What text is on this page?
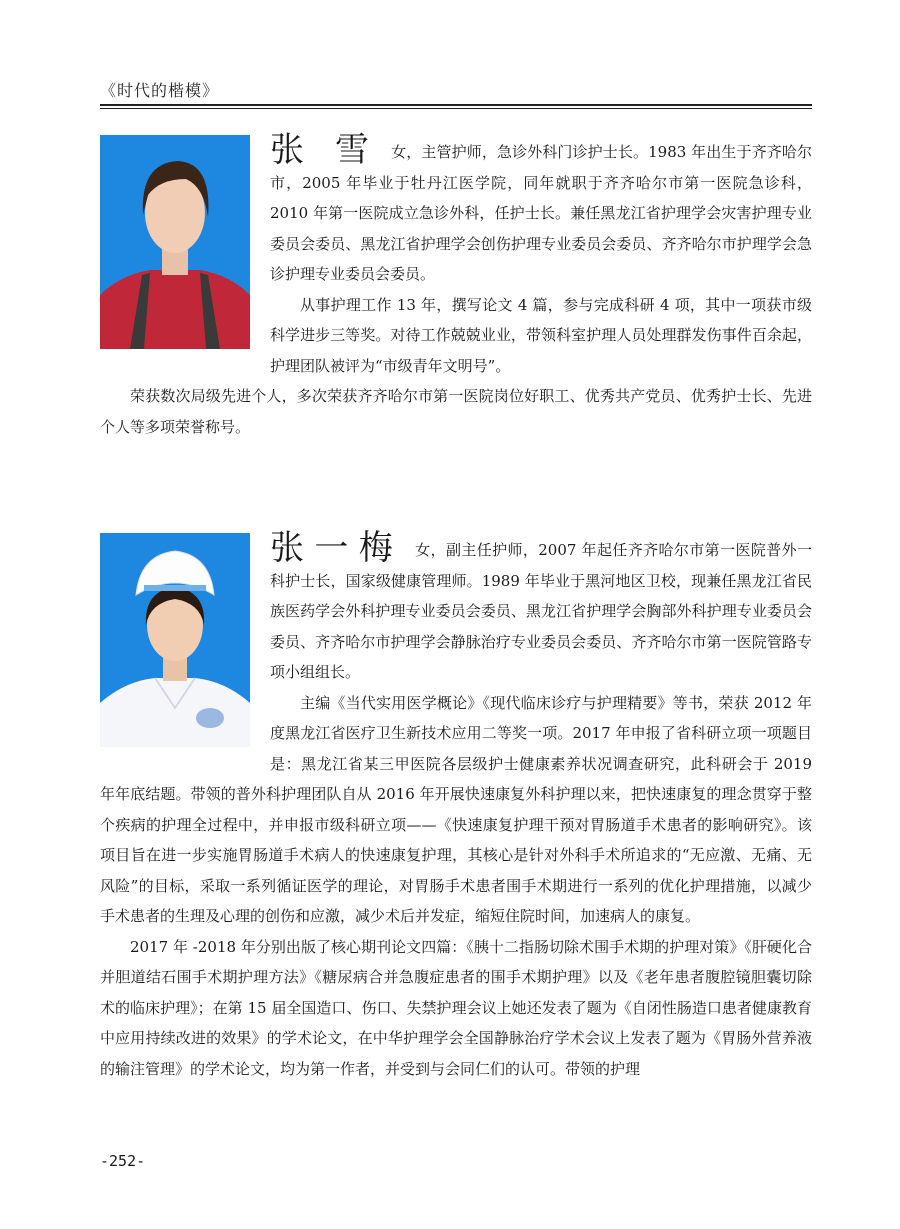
《时代的楷模》

张 雪 女，主管护师，急诊外科门诊护士长。1983 年出生于齐齐哈尔市，2005 年毕业于牡丹江医学院，同年就职于齐齐哈尔市第一医院急诊科，2010 年第一医院成立急诊外科，任护士长。兼任黑龙江省护理学会灾害护理专业委员会委员、黑龙江省护理学会创伤护理专业委员会委员、齐齐哈尔市护理学会急诊护理专业委员会委员。

从事护理工作 13 年，撰写论文 4 篇，参与完成科研 4 项，其中一项获市级科学进步三等奖。对待工作兢兢业业，带领科室护理人员处理群发伤事件百余起，护理团队被评为“市级青年文明号”。

荣获数次局级先进个人，多次荣获齐齐哈尔市第一医院岗位好职工、优秀共产党员、优秀护士长、先进个人等多项荣誉称号。

张一梅 女，副主任护师，2007 年起任齐齐哈尔市第一医院普外一科护士长，国家级健康管理师。1989 年毕业于黑河地区卫校，现兼任黑龙江省民族医药学会外科护理专业委员会委员、黑龙江省护理学会胸部外科护理专业委员会委员、齐齐哈尔市护理学会静脉治疗专业委员会委员、齐齐哈尔市第一医院管路专项小组组长。

主编《当代实用医学概论》《现代临床诊疗与护理精要》等书，荣获 2012 年度黑龙江省医疗卫生新技术应用二等奖一项。2017 年申报了省科研立项一项题目是：黑龙江省某三甲医院各层级护士健康素养状况调查研究，此科研会于 2019 年年底结题。带领的普外科护理团队自从 2016 年开展快速康复外科护理以来，把快速康复的理念贯穿于整个疾病的护理全过程中，并申报市级科研立项——《快速康复护理干预对胃肠道手术患者的影响研究》。该项目旨在进一步实施胃肠道手术病人的快速康复护理，其核心是针对外科手术所追求的“无应激、无痛、无风险”的目标，采取一系列循证医学的理论，对胃肠手术患者围手术期进行一系列的优化护理措施，以减少手术患者的生理及心理的创伤和应激，减少术后并发症，缩短住院时间，加速病人的康复。

2017 年 -2018 年分别出版了核心期刊论文四篇：《胰十二指肠切除术围手术期的护理对策》《肝硬化合并胆道结石围手术期护理方法》《糖尿病合并急腹症患者的围手术期护理》以及《老年患者腹腔镜胆囊切除术的临床护理》；在第 15 届全国造口、伤口、失禁护理会议上她还发表了题为《自闭性肠造口患者健康教育中应用持续改进的效果》的学术论文，在中华护理学会全国静脉治疗学术会议上发表了题为《胃肠外营养液的输注管理》的学术论文，均为第一作者，并受到与会同仁们的认可。带领的护理

-252-
